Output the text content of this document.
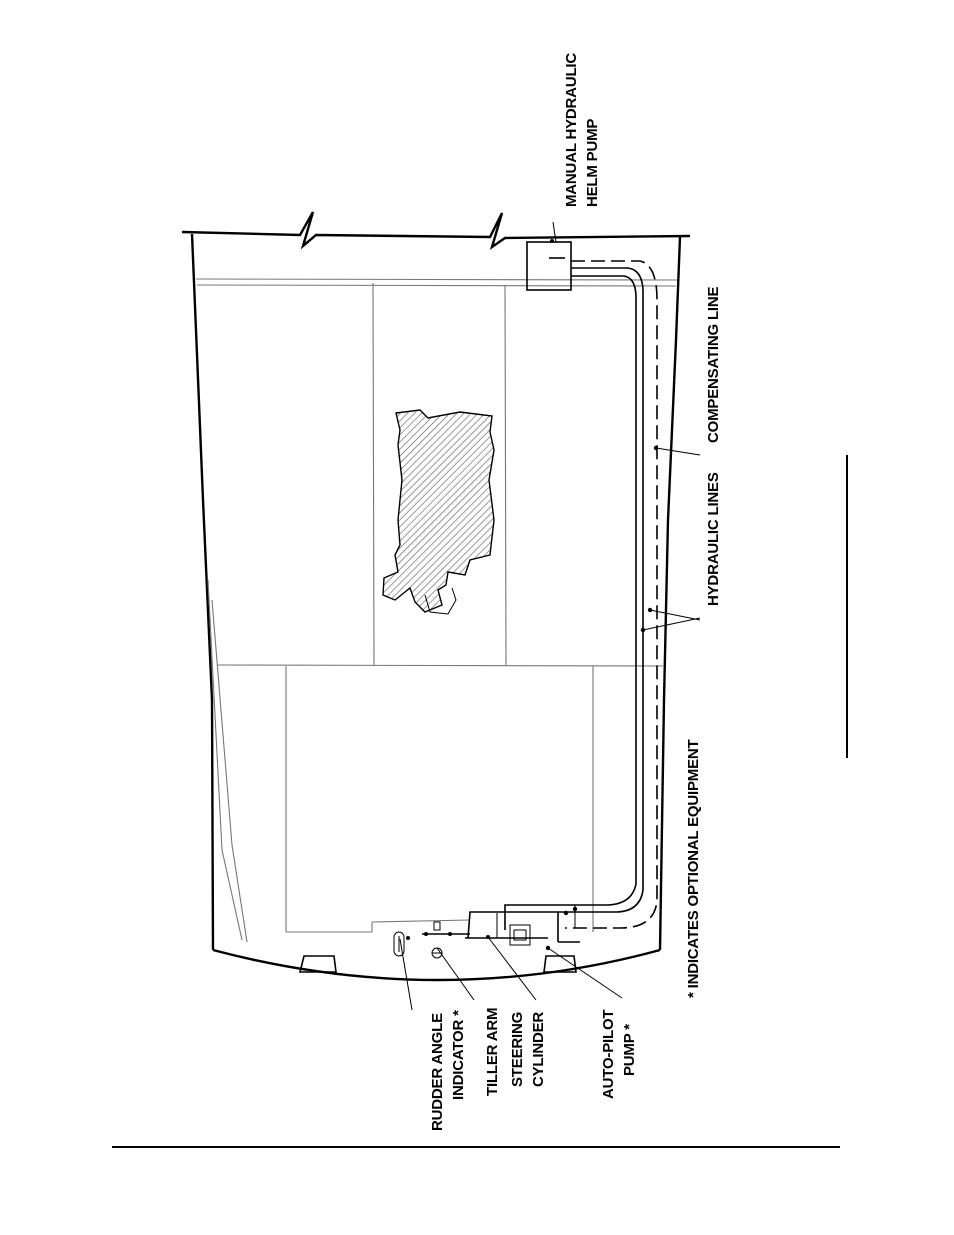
MANUAL HYDRAULIC HELM PUMP
COMPENSATING LINE
HYDRAULIC LINES
* INDICATES OPTIONAL EQUIPMENT
RUDDER ANGLE INDICATOR * TILLER ARM STEERING CYLINDER	AUTO-PILOT PUMP *
